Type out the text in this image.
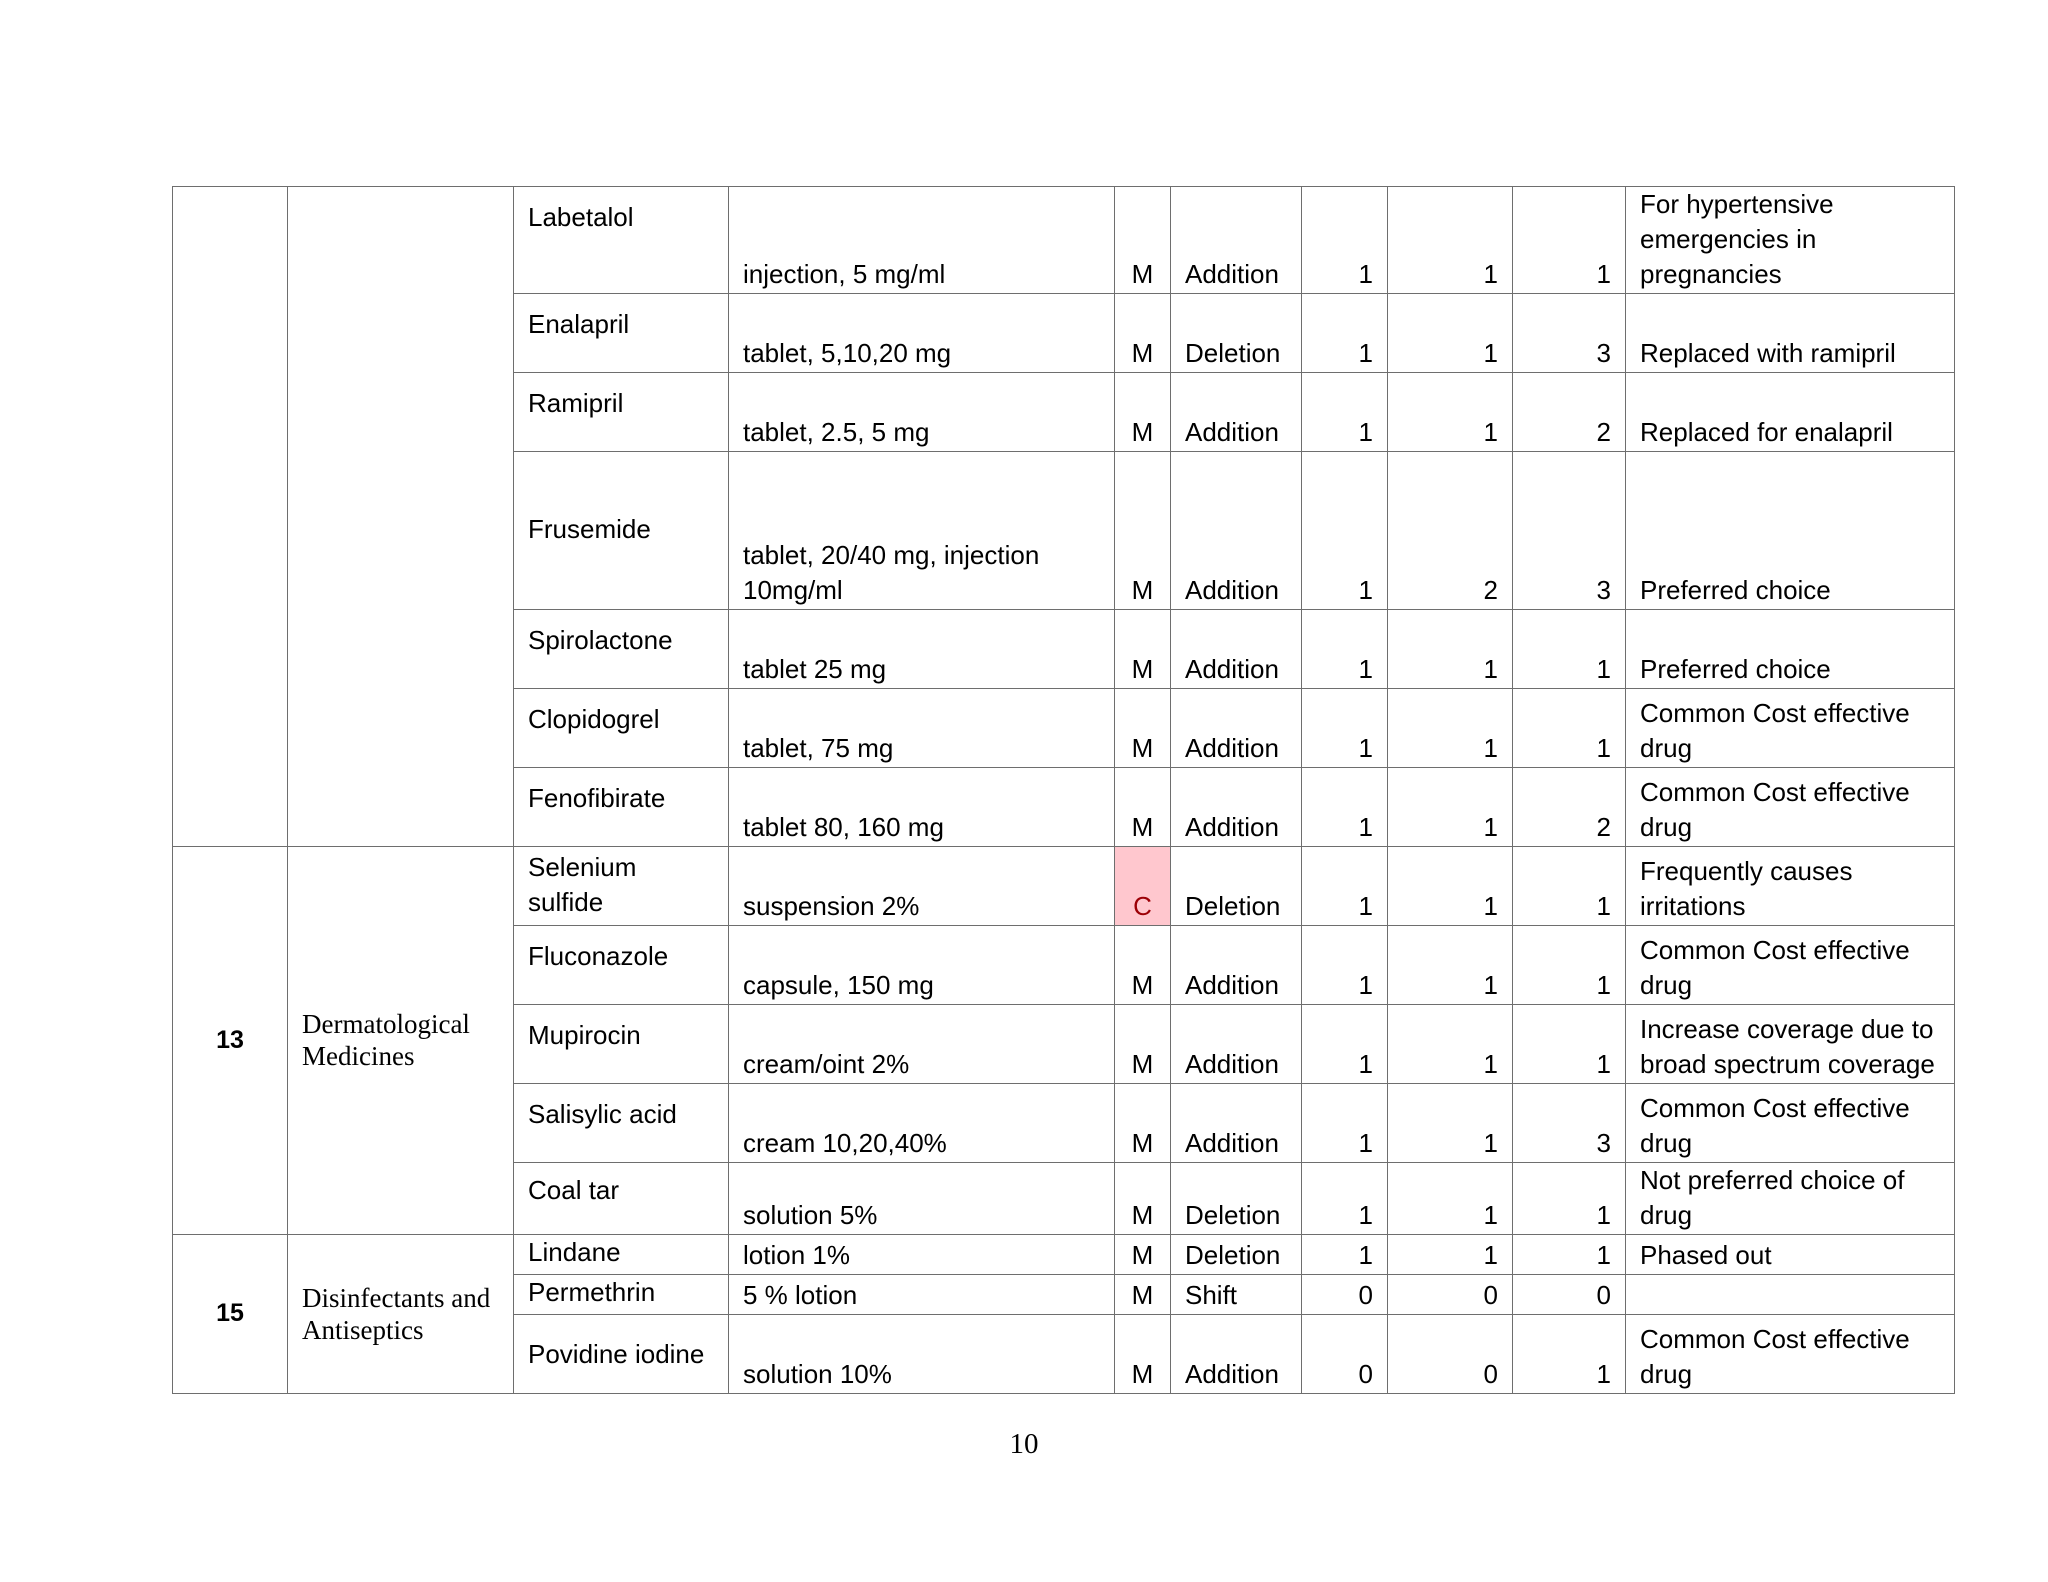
		Labetalol	injection, 5 mg/ml	M	Addition	1	1	1	For hypertensive emergencies in pregnancies
		Enalapril	tablet, 5,10,20 mg	M	Deletion	1	1	3	Replaced with ramipril
		Ramipril	tablet, 2.5, 5 mg	M	Addition	1	1	2	Replaced for enalapril
		Frusemide	tablet, 20/40 mg, injection 10mg/ml	M	Addition	1	2	3	Preferred choice
		Spirolactone	tablet 25 mg	M	Addition	1	1	1	Preferred choice
		Clopidogrel	tablet, 75 mg	M	Addition	1	1	1	Common Cost effective drug
		Fenofibirate	tablet 80, 160 mg	M	Addition	1	1	2	Common Cost effective drug
13	Dermatological Medicines	Selenium sulfide	suspension 2%	C	Deletion	1	1	1	Frequently causes irritations
		Fluconazole	capsule, 150 mg	M	Addition	1	1	1	Common Cost effective drug
		Mupirocin	cream/oint 2%	M	Addition	1	1	1	Increase coverage due to broad spectrum coverage
		Salisylic acid	cream 10,20,40%	M	Addition	1	1	3	Common Cost effective drug
		Coal tar	solution 5%	M	Deletion	1	1	1	Not preferred choice of drug
15	Disinfectants and Antiseptics	Lindane	lotion 1%	M	Deletion	1	1	1	Phased out
		Permethrin	5 % lotion	M	Shift	0	0	0	
		Povidine iodine	solution 10%	M	Addition	0	0	1	Common Cost effective drug
10
